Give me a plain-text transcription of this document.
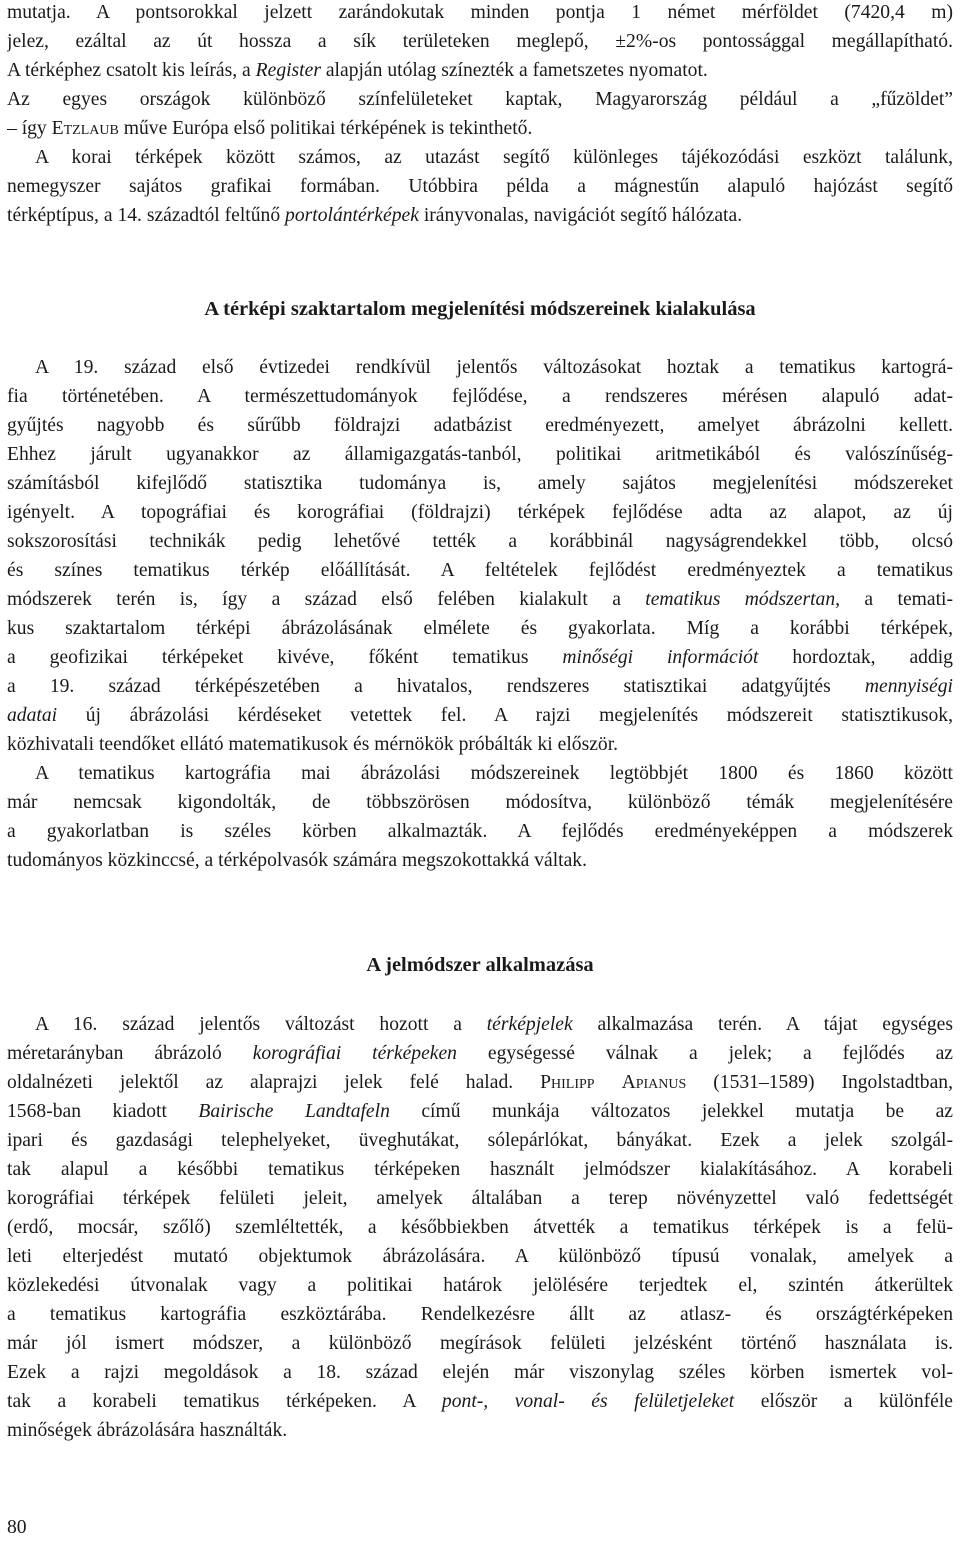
mutatja. A pontsorokkal jelzett zarándokutak minden pontja 1 német mérföldet (7420,4 m)
jelez, ezáltal az út hossza a sík területeken meglepő, ±2%-os pontossággal megállapítható.
A térképhez csatolt kis leírás, a Register alapján utólag színezték a fametszetes nyomatot.
Az egyes országok különböző színfelületeket kaptak, Magyarország például a „fűzöldet”
– így Etzlaub műve Európa első politikai térképének is tekinthető.
A korai térképek között számos, az utazást segítő különleges tájékozódási eszközt találunk,
nemegyszer sajátos grafikai formában. Utóbbira példa a mágnestűn alapuló hajózást segítő
térképtípus, a 14. századtól feltűnő portolántérképek irányvonalas, navigációt segítő hálózata.
A térképi szaktartalom megjelenítési módszereinek kialakulása
A 19. század első évtizedei rendkívül jelentős változásokat hoztak a tematikus kartográ-
fia történetében. A természettudományok fejlődése, a rendszeres mérésen alapuló adat-
gyűjtés nagyobb és sűrűbb földrajzi adatbázist eredményezett, amelyet ábrázolni kellett.
Ehhez járult ugyanakkor az államigazgatás-tanból, politikai aritmetikából és valószínűség-
számításból kifejlődő statisztika tudománya is, amely sajátos megjelenítési módszereket
igényelt. A topográfiai és korográfiai (földrajzi) térképek fejlődése adta az alapot, az új
sokszorosítási technikák pedig lehetővé tették a korábbinál nagyságrendekkel több, olcsó
és színes tematikus térkép előállítását. A feltételek fejlődést eredményeztek a tematikus
módszerek terén is, így a század első felében kialakult a tematikus módszertan, a temati-
kus szaktartalom térképi ábrázolásának elmélete és gyakorlata. Míg a korábbi térképek,
a geofizikai térképeket kivéve, főként tematikus minőségi információt hordoztak, addig
a 19. század térképészetében a hivatalos, rendszeres statisztikai adatgyűjtés mennyiségi
adatai új ábrázolási kérdéseket vetettek fel. A rajzi megjelenítés módszereit statisztikusok,
közhivatali teendőket ellátó matematikusok és mérnökök próbálták ki először.
A tematikus kartográfia mai ábrázolási módszereinek legtöbbjét 1800 és 1860 között
már nemcsak kigondolták, de többszörösen módosítva, különböző témák megjelenítésére
a gyakorlatban is széles körben alkalmazták. A fejlődés eredményeképpen a módszerek
tudományos közkinccsé, a térképolvasók számára megszokottakká váltak.
A jelmódszer alkalmazása
A 16. század jelentős változást hozott a térképjelek alkalmazása terén. A tájat egységes
méretarányban ábrázoló korográfiai térképeken egységessé válnak a jelek; a fejlődés az
oldalnézeti jelektől az alaprajzi jelek felé halad. Philipp Apianus (1531–1589) Ingolstadtban,
1568-ban kiadott Bairische Landtafeln című munkája változatos jelekkel mutatja be az
ipari és gazdasági telephelyeket, üveghutákat, sólepárlókat, bányákat. Ezek a jelek szolgál-
tak alapul a későbbi tematikus térképeken használt jelmódszer kialakításához. A korabeli
korográfiai térképek felületi jeleit, amelyek általában a terep növényzettel való fedettségét
(erdő, mocsár, szőlő) szemléltették, a későbbiekben átvették a tematikus térképek is a felü-
leti elterjedést mutató objektumok ábrázolására. A különböző típusú vonalak, amelyek a
közlekedési útvonalak vagy a politikai határok jelölésére terjedtek el, szintén átkerültek
a tematikus kartográfia eszköztárába. Rendelkezésre állt az atlasz- és országtérképeken
már jól ismert módszer, a különböző megírások felületi jelzésként történő használata is.
Ezek a rajzi megoldások a 18. század elején már viszonylag széles körben ismertek vol-
tak a korabeli tematikus térképeken. A pont-, vonal- és felületjeleket először a különféle
minőségek ábrázolására használták.
80
